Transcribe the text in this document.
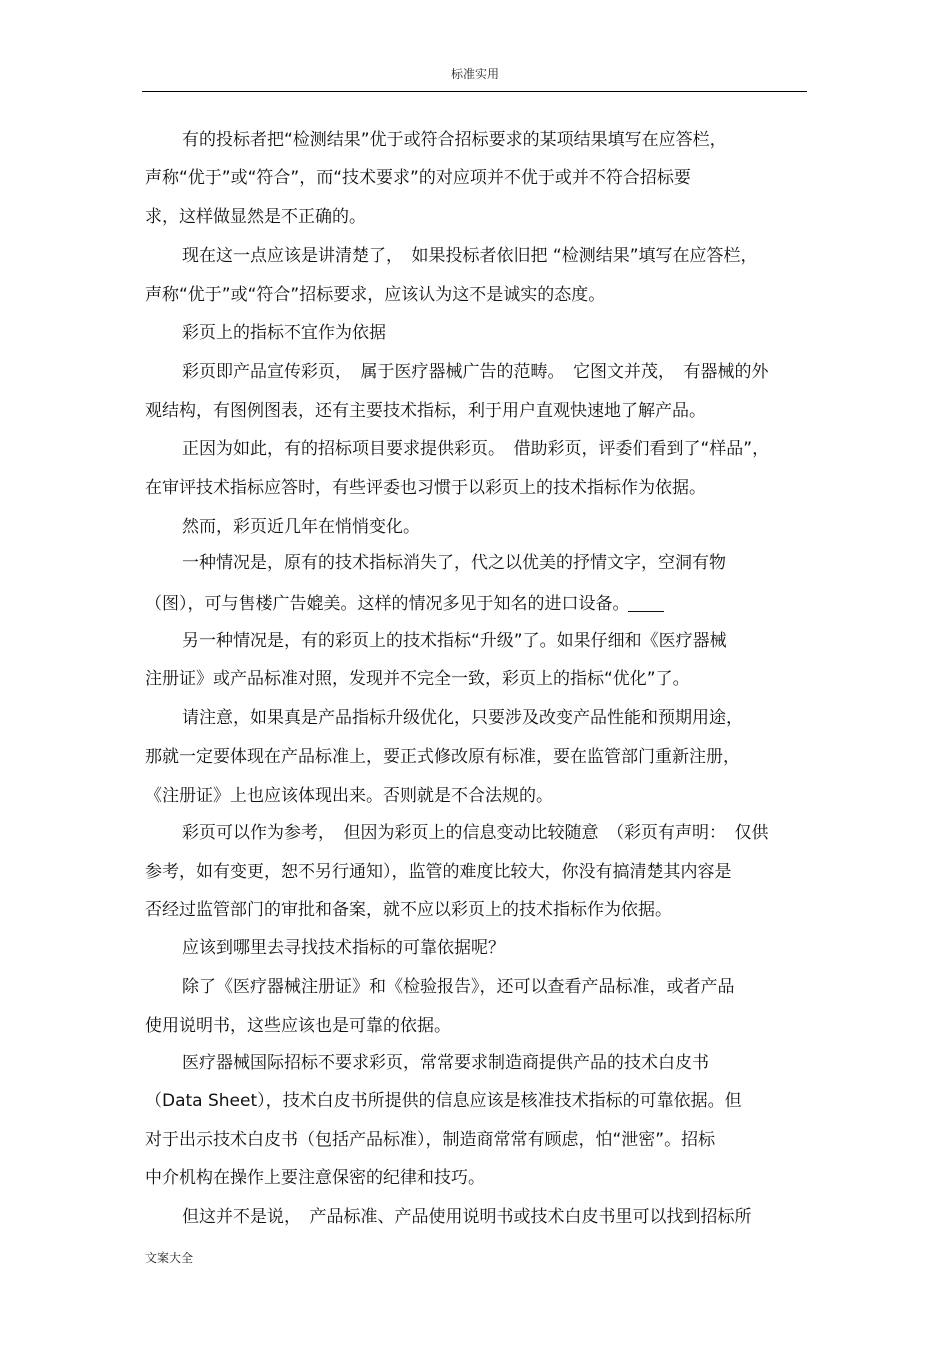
标准实用
有的投标者把“检测结果”优于或符合招标要求的某项结果填写在应答栏，
声称“优于”或“符合”，而“技术要求”的对应项并不优于或并不符合招标要
求，这样做显然是不正确的。
现在这一点应该是讲清楚了，　如果投标者依旧把 “检测结果”填写在应答栏，
声称“优于”或“符合”招标要求，应该认为这不是诚实的态度。
彩页上的指标不宜作为依据
彩页即产品宣传彩页，　属于医疗器械广告的范畴。　它图文并茂，　有器械的外
观结构，有图例图表，还有主要技术指标，利于用户直观快速地了解产品。
正因为如此，有的招标项目要求提供彩页。　借助彩页，评委们看到了“样品”，
在审评技术指标应答时，有些评委也习惯于以彩页上的技术指标作为依据。
然而，彩页近几年在悄悄变化。
一种情况是，原有的技术指标消失了，代之以优美的抒情文字，空洞有物
（图），可与售楼广告媲美。这样的情况多见于知名的进口设备。
另一种情况是，有的彩页上的技术指标“升级”了。如果仔细和《医疗器械
注册证》或产品标准对照，发现并不完全一致，彩页上的指标“优化”了。
请注意，如果真是产品指标升级优化，只要涉及改变产品性能和预期用途，
那就一定要体现在产品标准上，要正式修改原有标准，要在监管部门重新注册，
《注册证》上也应该体现出来。否则就是不合法规的。
彩页可以作为参考，　但因为彩页上的信息变动比较随意　（彩页有声明：　仅供
参考，如有变更，恕不另行通知），监管的难度比较大，你没有搞清楚其内容是
否经过监管部门的审批和备案，就不应以彩页上的技术指标作为依据。
应该到哪里去寻找技术指标的可靠依据呢？
除了《医疗器械注册证》和《检验报告》，还可以查看产品标准，或者产品
使用说明书，这些应该也是可靠的依据。
医疗器械国际招标不要求彩页，常常要求制造商提供产品的技术白皮书
（Data Sheet），技术白皮书所提供的信息应该是核准技术指标的可靠依据。但
对于出示技术白皮书（包括产品标准），制造商常常有顾虑，怕“泄密”。招标
中介机构在操作上要注意保密的纪律和技巧。
但这并不是说，　产品标准、产品使用说明书或技术白皮书里可以找到招标所
文案大全
